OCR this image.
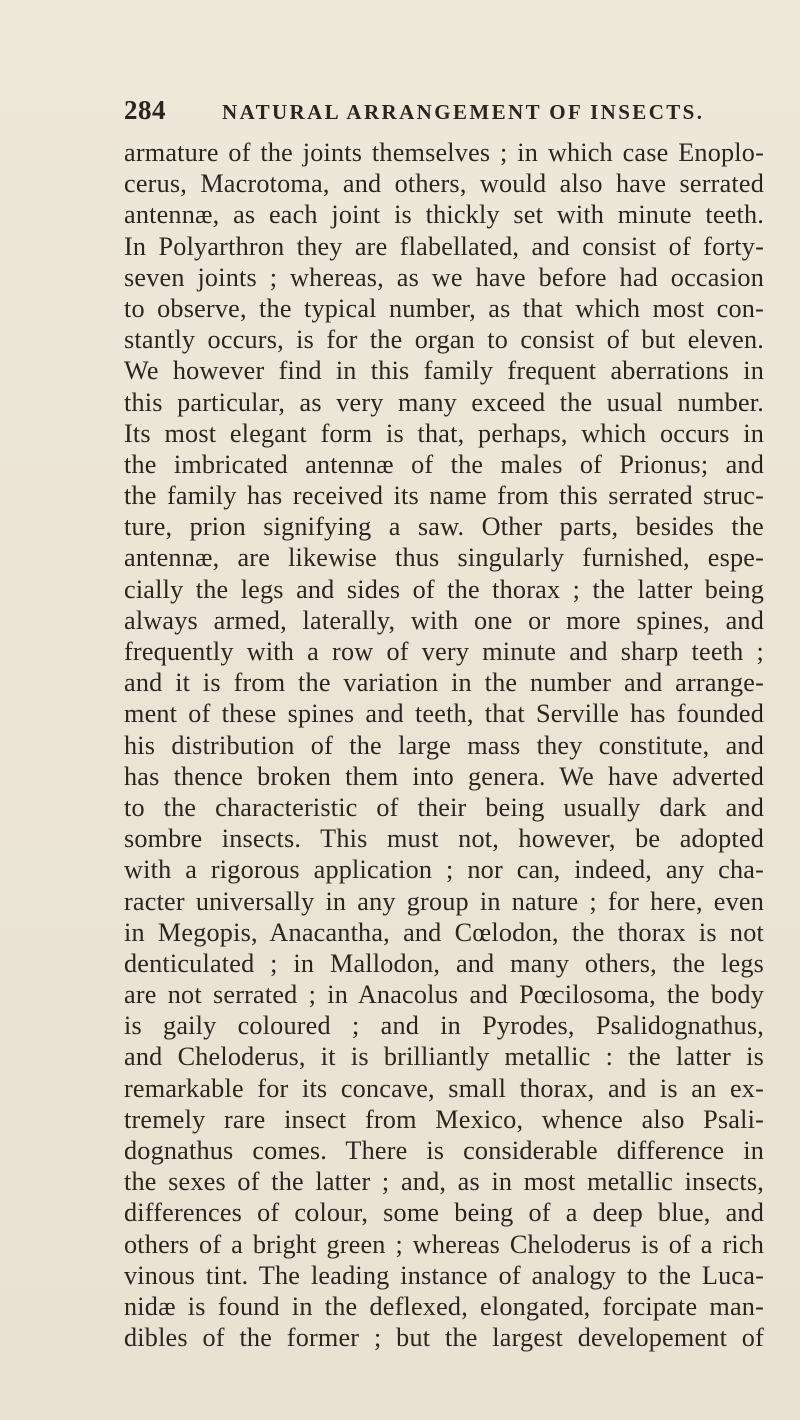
284	NATURAL ARRANGEMENT OF INSECTS.
armature of the joints themselves ; in which case Enoplo-
cerus, Macrotoma, and others, would also have serrated
antennæ, as each joint is thickly set with minute teeth.
In Polyarthron they are flabellated, and consist of forty-
seven joints ; whereas, as we have before had occasion
to observe, the typical number, as that which most con-
stantly occurs, is for the organ to consist of but eleven.
We however find in this family frequent aberrations in
this particular, as very many exceed the usual number.
Its most elegant form is that, perhaps, which occurs in
the imbricated antennæ of the males of Prionus; and
the family has received its name from this serrated struc-
ture, prion signifying a saw. Other parts, besides the
antennæ, are likewise thus singularly furnished, espe-
cially the legs and sides of the thorax ; the latter being
always armed, laterally, with one or more spines, and
frequently with a row of very minute and sharp teeth ;
and it is from the variation in the number and arrange-
ment of these spines and teeth, that Serville has founded
his distribution of the large mass they constitute, and
has thence broken them into genera. We have adverted
to the characteristic of their being usually dark and
sombre insects. This must not, however, be adopted
with a rigorous application ; nor can, indeed, any cha-
racter universally in any group in nature ; for here, even
in Megopis, Anacantha, and Cœlodon, the thorax is not
denticulated ; in Mallodon, and many others, the legs
are not serrated ; in Anacolus and Pœcilosoma, the body
is gaily coloured ; and in Pyrodes, Psalidognathus,
and Cheloderus, it is brilliantly metallic : the latter is
remarkable for its concave, small thorax, and is an ex-
tremely rare insect from Mexico, whence also Psali-
dognathus comes. There is considerable difference in
the sexes of the latter ; and, as in most metallic insects,
differences of colour, some being of a deep blue, and
others of a bright green ; whereas Cheloderus is of a rich
vinous tint. The leading instance of analogy to the Luca-
nidæ is found in the deflexed, elongated, forcipate man-
dibles of the former ; but the largest developement of
